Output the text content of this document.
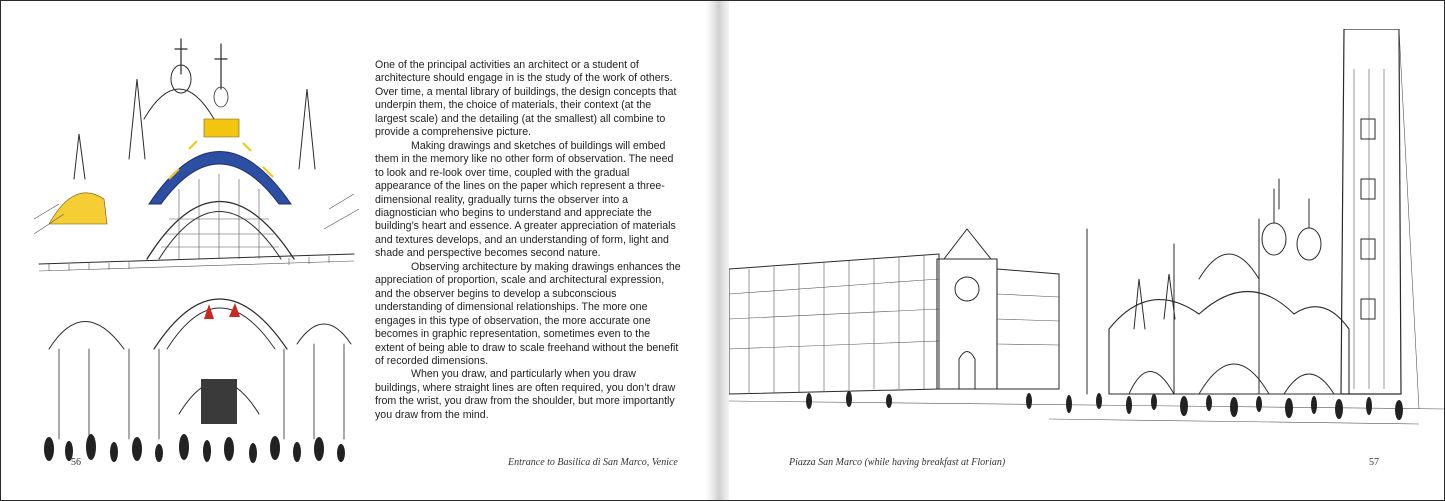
One of the principal activities an architect or a student of architecture should engage in is the study of the work of others. Over time, a mental library of buildings, the design concepts that underpin them, the choice of materials, their context (at the largest scale) and the detailing (at the smallest) all combine to provide a comprehensive picture.

Making drawings and sketches of buildings will embed them in the memory like no other form of observation. The need to look and re-look over time, coupled with the gradual appearance of the lines on the paper which represent a three-dimensional reality, gradually turns the observer into a diagnostician who begins to understand and appreciate the building’s heart and essence. A greater appreciation of materials and textures develops, and an understanding of form, light and shade and perspective becomes second nature.

Observing architecture by making drawings enhances the appreciation of proportion, scale and architectural expression, and the observer begins to develop a subconscious understanding of dimensional relationships. The more one engages in this type of observation, the more accurate one becomes in graphic representation, sometimes even to the extent of being able to draw to scale freehand without the benefit of recorded dimensions.

When you draw, and particularly when you draw buildings, where straight lines are often required, you don’t draw from the wrist, you draw from the shoulder, but more importantly you draw from the mind.

56	Entrance to Basilica di San Marco, Venice	Piazza San Marco (while having breakfast at Florian)	57
